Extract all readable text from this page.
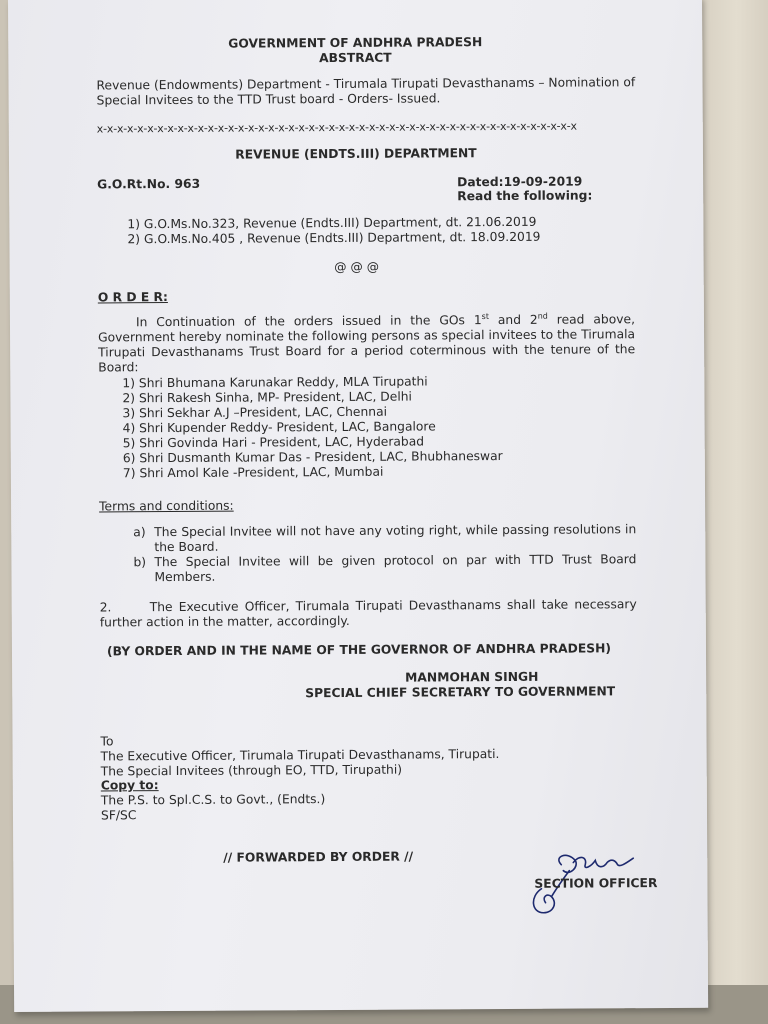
GOVERNMENT OF ANDHRA PRADESH
ABSTRACT
Revenue (Endowments) Department - Tirumala Tirupati Devasthanams – Nomination of
Special Invitees to the TTD Trust board - Orders- Issued.
x-x-x-x-x-x-x-x-x-x-x-x-x-x-x-x-x-x-x-x-x-x-x-x-x-x-x-x-x-x-x-x-x-x-x-x-x-x-x-x-x-x-x-x-x-x-x-x
REVENUE (ENDTS.III) DEPARTMENT
G.O.Rt.No. 963	Dated:19-09-2019
Read the following:
1) G.O.Ms.No.323, Revenue (Endts.III) Department, dt. 21.06.2019
2) G.O.Ms.No.405 , Revenue (Endts.III) Department, dt. 18.09.2019
@ @ @
O R D E R:
In Continuation of the orders issued in the GOs 1st and 2nd read above, Government hereby nominate the following persons as special invitees to the Tirumala Tirupati Devasthanams Trust Board for a period coterminous with the tenure of the Board:
1) Shri Bhumana Karunakar Reddy, MLA Tirupathi
2) Shri Rakesh Sinha, MP- President, LAC, Delhi
3) Shri Sekhar A.J –President, LAC, Chennai
4) Shri Kupender Reddy- President, LAC, Bangalore
5) Shri Govinda Hari - President, LAC, Hyderabad
6) Shri Dusmanth Kumar Das - President, LAC, Bhubhaneswar
7) Shri Amol Kale -President, LAC, Mumbai
Terms and conditions:
a) The Special Invitee will not have any voting right, while passing resolutions in the Board.
b) The Special Invitee will be given protocol on par with TTD Trust Board Members.
2.	The Executive Officer, Tirumala Tirupati Devasthanams shall take necessary further action in the matter, accordingly.
(BY ORDER AND IN THE NAME OF THE GOVERNOR OF ANDHRA PRADESH)
MANMOHAN SINGH
SPECIAL CHIEF SECRETARY TO GOVERNMENT
To
The Executive Officer, Tirumala Tirupati Devasthanams, Tirupati.
The Special Invitees (through EO, TTD, Tirupathi)
Copy to:
The P.S. to Spl.C.S. to Govt., (Endts.)
SF/SC
// FORWARDED BY ORDER //
SECTION OFFICER
